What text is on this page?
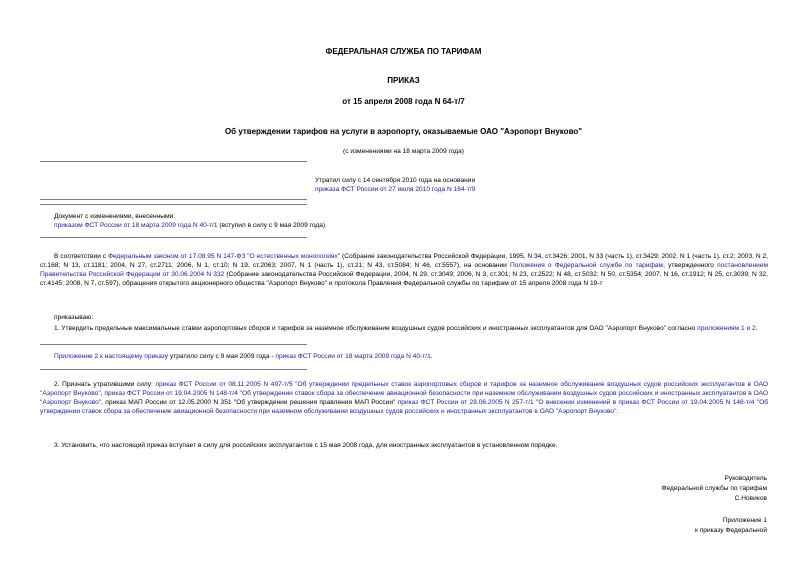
ФЕДЕРАЛЬНАЯ СЛУЖБА ПО ТАРИФАМ
ПРИКАЗ
от 15 апреля 2008 года N 64-т/7
Об утверждении тарифов на услуги в аэропорту, оказываемые ОАО "Аэропорт Внуково"
(с изменениями на 18 марта 2009 года)
Утратил силу с 14 сентября 2010 года на основании
приказа ФСТ России от 27 июля 2010 года N 164-т/9
Документ с изменениями, внесенными:
приказом ФСТ России от 18 марта 2009 года N 40-т/1 (вступил в силу с 9 мая 2009 года).
В соответствии с Федеральным законом от 17.08.95 N 147-ФЗ "О естественных монополиях" (Собрание законодательства Российской Федерации, 1995, N 34, ст.3426; 2001, N 33 (часть 1), ст.3429; 2002, N 1 (часть 1), ст.2; 2003, N 2, ст.168; N 13, ст.1181; 2004, N 27, ст.2711; 2006, N 1, ст.10; N 19, ст.2063; 2007, N 1 (часть 1), ст.21; N 43, ст.5084; N 46, ст.5557), на основании Положения о Федеральной службе по тарифам, утвержденного постановлением Правительства Российской Федерации от 30.06.2004 N 332 (Собрание законодательства Российской Федерации, 2004, N 29, ст.3049; 2006, N 3, ст.301; N 23, ст.2522; N 48, ст.5032; N 50, ст.5354; 2007, N 16, ст.1912; N 25, ст.3039; N 32, ст.4145; 2008, N 7, ст.597), обращения открытого акционерного общества "Аэропорт Внуково" и протокола Правления Федеральной службы по тарифам от 15 апреля 2008 года N 19-т
приказываю:
1. Утвердить предельные максимальные ставки аэропортовых сборов и тарифов за наземное обслуживание воздушных судов российских и иностранных эксплуатантов для ОАО "Аэропорт Внуково" согласно приложениям 1 и 2.
Приложение 2 к настоящему приказу утратило силу с 9 мая 2009 года - приказ ФСТ России от 18 марта 2009 года N 40-т/1.
2. Признать утратившими силу: приказ ФСТ России от 08.11.2005 N 497-т/5 "Об утверждении предельных ставок аэропортовых сборов и тарифов за наземное обслуживание воздушных судов российских эксплуатантов в ОАО "Аэропорт Внуково", приказ ФСТ России от 19.04.2005 N 148-т/4 "Об утверждении ставок сбора за обеспечение авиационной безопасности при наземном обслуживании воздушных судов российских и иностранных эксплуатантов в ОАО "Аэропорт Внуково", приказ МАП России от 12.05.2000 N 351 "Об утверждении решения правления МАП России" приказ ФСТ России от 28.06.2005 N 257-т/1 "О внесении изменений в приказ ФСТ России от 19.04.2005 N 148-т/4 "Об утверждении ставок сбора за обеспечение авиационной безопасности при наземном обслуживании воздушных судов российских и иностранных эксплуатантов в ОАО "Аэропорт Внуково".
3. Установить, что настоящий приказ вступает в силу для российских эксплуатантов с 15 мая 2008 года, для иностранных эксплуатантов в установленном порядке.
Руководитель
Федеральной службы по тарифам
С.Новиков
Приложение 1
к приказу Федеральной
